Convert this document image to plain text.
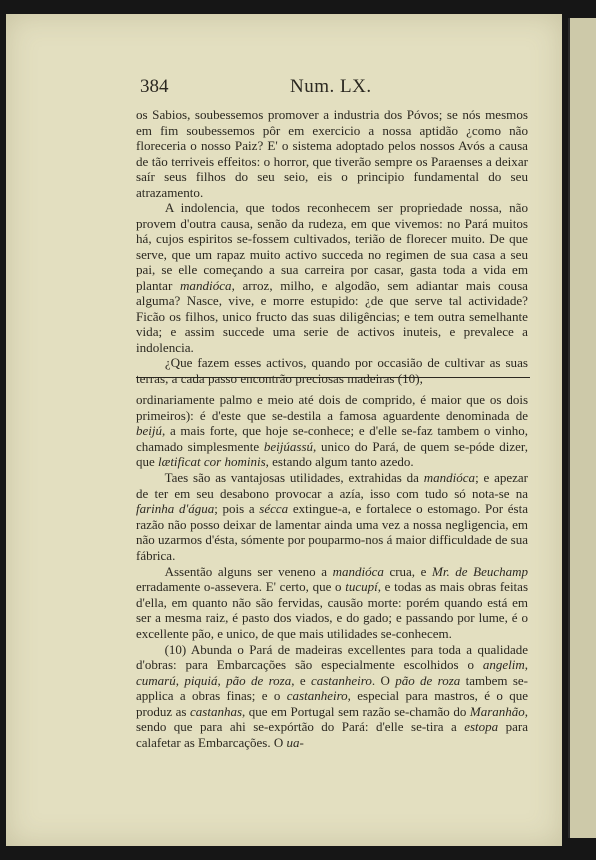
384	Num. LX.

os Sabios, soubessemos promover a industria dos Póvos; se nós mesmos em fim soubessemos pôr em exercicio a nossa aptidão ¿como não floreceria o nosso Paiz? E' o sistema adoptado pelos nossos Avós a causa de tão terriveis effeitos: o horror, que tiverão sempre os Paraenses a deixar saír seus filhos do seu seio, eis o principio fundamental do seu atrazamento.

A indolencia, que todos reconhecem ser propriedade nossa, não provem d'outra causa, senão da rudeza, em que vivemos: no Pará muitos há, cujos espiritos se-fossem cultivados, terião de florecer muito. De que serve, que um rapaz muito activo succeda no regimen de sua casa a seu pai, se elle começando a sua carreira por casar, gasta toda a vida em plantar mandióca, arroz, milho, e algodão, sem adiantar mais cousa alguma? Nasce, vive, e morre estupido: ¿de que serve tal actividade? Ficão os filhos, unico fructo das suas diligências; e tem outra semelhante vida; e assim succede uma serie de activos inuteis, e prevalece a indolencia.

¿Que fazem esses activos, quando por occasião de cultivar as suas terras, a cada passo encontrão preciosas madeiras (10),

ordinariamente palmo e meio até dois de comprido, é maior que os dois primeiros): é d'este que se-destila a famosa aguardente denominada de beijú, a mais forte, que hoje se-conhece; e d'elle se-faz tambem o vinho, chamado simplesmente beijúassú, unico do Pará, de quem se-póde dizer, que lætificat cor hominis, estando algum tanto azedo.

Taes são as vantajosas utilidades, extrahidas da mandióca; e apezar de ter em seu desabono provocar a azía, isso com tudo só nota-se na farinha d'água; pois a sécca extingue-a, e fortalece o estomago. Por ésta razão não posso deixar de lamentar ainda uma vez a nossa negligencia, em não uzarmos d'ésta, sómente por pouparmo-nos á maior difficuldade de sua fábrica.

Assentão alguns ser veneno a mandióca crua, e Mr. de Beuchamp erradamente o-assevera. E' certo, que o tucupí, e todas as mais obras feitas d'ella, em quanto não são fervidas, causão morte: porém quando está em ser a mesma raiz, é pasto dos viados, e do gado; e passando por lume, é o excellente pão, e unico, de que mais utilidades se-conhecem.

(10) Abunda o Pará de madeiras excellentes para toda a qualidade d'obras: para Embarcações são especialmente escolhidos o angelim, cumarú, piquiá, pão de roza, e castanheiro. O pão de roza tambem se-applica a obras finas; e o castanheiro, especial para mastros, é o que produz as castanhas, que em Portugal sem razão se-chamão do Maranhão, sendo que para ahi se-expórtão do Pará: d'elle se-tira a estopa para calafetar as Embarcações. O ua-
